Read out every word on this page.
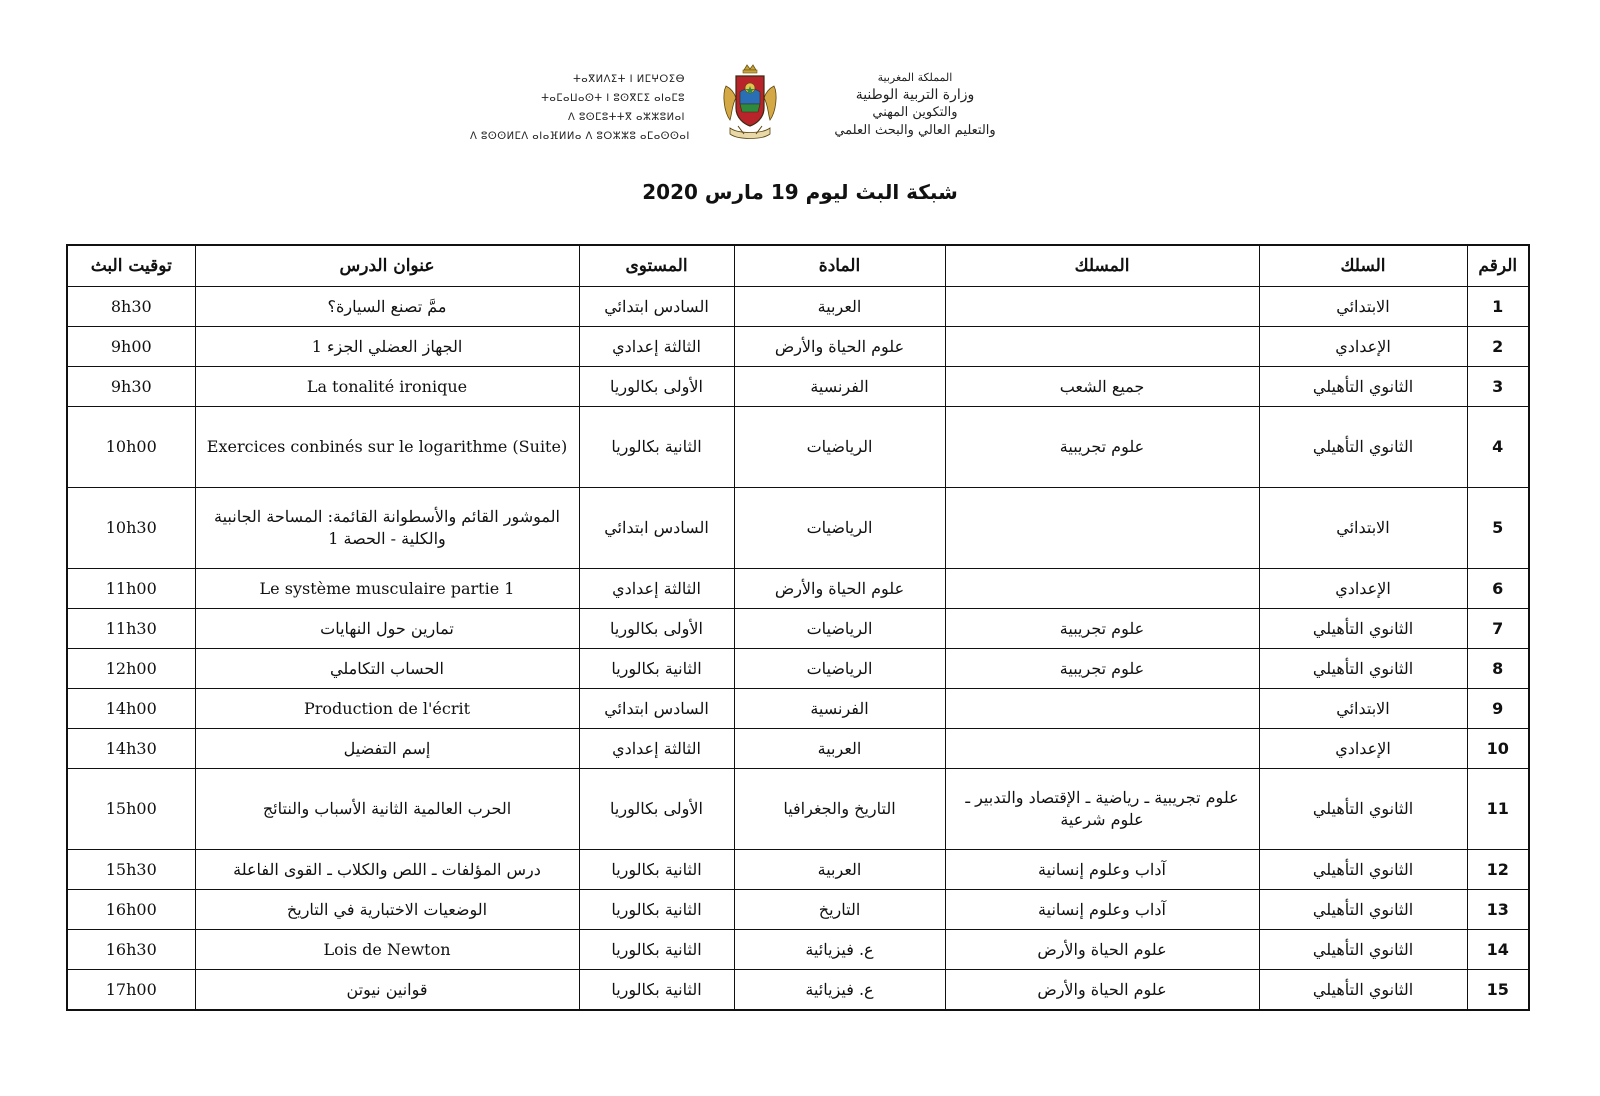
ⵜⴰⴳⵍⴷⵉⵜ ⵏ ⵍⵎⵖⵔⵉⴱ
ⵜⴰⵎⴰⵡⴰⵙⵜ ⵏ ⵓⵙⴳⵎⵉ ⴰⵏⴰⵎⵓ
ⴷ ⵓⵙⵎⵓⵜⵜⴳ ⴰⵣⵣⵓⵍⴰⵏ
ⴷ ⵓⵙⵙⵍⵎⴷ ⴰⵏⴰⴼⵍⵍⴰ ⴷ ⵓⵔⵣⵣⵓ ⴰⵎⴰⵙⵙⴰⵏ
المملكة المغربية
وزارة التربية الوطنية
والتكوين المهني
والتعليم العالي والبحث العلمي
شبكة البث ليوم 19 مارس 2020
الرقم	السلك	المسلك	المادة	المستوى	عنوان الدرس	توقيت البث
1	الابتدائي		العربية	السادس ابتدائي	ممَّ تصنع السيارة؟	8h30
2	الإعدادي		علوم الحياة والأرض	الثالثة إعدادي	الجهاز العضلي الجزء 1	9h00
3	الثانوي التأهيلي	جميع الشعب	الفرنسية	الأولى بكالوريا	La tonalité ironique	9h30
4	الثانوي التأهيلي	علوم تجريبية	الرياضيات	الثانية بكالوريا	Exercices conbinés sur le logarithme (Suite)	10h00
5	الابتدائي		الرياضيات	السادس ابتدائي	الموشور القائم والأسطوانة القائمة: المساحة الجانبية والكلية - الحصة 1	10h30
6	الإعدادي		علوم الحياة والأرض	الثالثة إعدادي	Le système musculaire partie 1	11h00
7	الثانوي التأهيلي	علوم تجريبية	الرياضيات	الأولى بكالوريا	تمارين حول النهايات	11h30
8	الثانوي التأهيلي	علوم تجريبية	الرياضيات	الثانية بكالوريا	الحساب التكاملي	12h00
9	الابتدائي		الفرنسية	السادس ابتدائي	Production de l'écrit	14h00
10	الإعدادي		العربية	الثالثة إعدادي	إسم التفضيل	14h30
11	الثانوي التأهيلي	علوم تجريبية ـ رياضية ـ الإقتصاد والتدبير ـ علوم شرعية	التاريخ والجغرافيا	الأولى بكالوريا	الحرب العالمية الثانية الأسباب والنتائج	15h00
12	الثانوي التأهيلي	آداب وعلوم إنسانية	العربية	الثانية بكالوريا	درس المؤلفات ـ اللص والكلاب ـ القوى الفاعلة	15h30
13	الثانوي التأهيلي	آداب وعلوم إنسانية	التاريخ	الثانية بكالوريا	الوضعيات الاختبارية في التاريخ	16h00
14	الثانوي التأهيلي	علوم الحياة والأرض	ع. فيزيائية	الثانية بكالوريا	Lois de Newton	16h30
15	الثانوي التأهيلي	علوم الحياة والأرض	ع. فيزيائية	الثانية بكالوريا	قوانين نيوتن	17h00
